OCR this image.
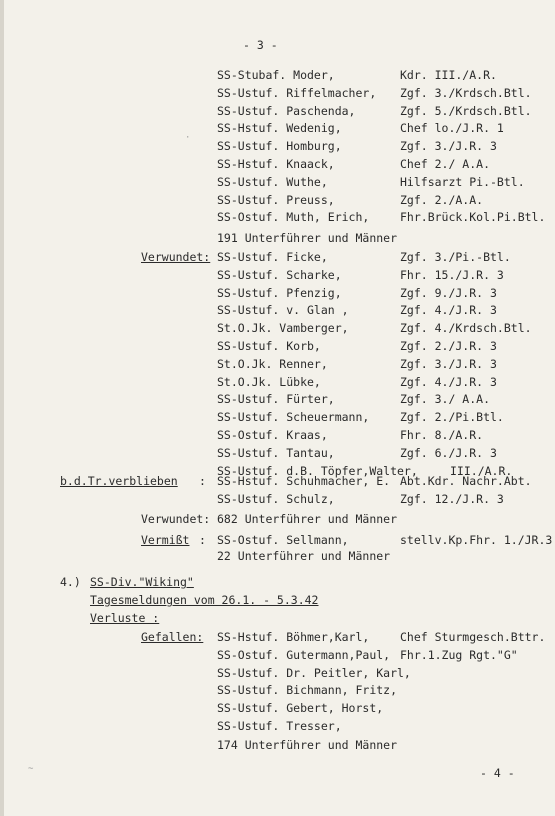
- 3 -
SS-Stubaf. Moder,	Kdr. III./A.R.
SS-Ustuf. Riffelmacher, Zgf. 3./Krdsch.Btl.
SS-Ustuf. Paschenda,	Zgf. 5./Krdsch.Btl.
SS-Hstuf. Wedenig,	Chef lo./J.R. 1
SS-Ustuf. Homburg,	Zgf. 3./J.R. 3
SS-Hstuf. Knaack,	Chef 2./ A.A.
SS-Ustuf. Wuthe,	Hilfsarzt Pi.-Btl.
SS-Ustuf. Preuss,	Zgf. 2./A.A.
SS-Ostuf. Muth, Erich,	Fhr.Brück.Kol.Pi.Btl.
191 Unterführer und Männer
Verwundet: SS-Ustuf. Ficke,	Zgf. 3./Pi.-Btl.
SS-Ustuf. Scharke,	Fhr. 15./J.R. 3
SS-Ustuf. Pfenzig,	Zgf. 9./J.R. 3
SS-Ustuf. v. Glan ,	Zgf. 4./J.R. 3
St.O.Jk. Vamberger,	Zgf. 4./Krdsch.Btl.
SS-Ustuf. Korb,	Zgf. 2./J.R. 3
St.O.Jk. Renner,	Zgf. 3./J.R. 3
St.O.Jk. Lübke,	Zgf. 4./J.R. 3
SS-Ustuf. Fürter,	Zgf. 3./ A.A.
SS-Ustuf. Scheuermann,	Zgf. 2./Pi.Btl.
SS-Ostuf. Kraas,	Fhr. 8./A.R.
SS-Ustuf. Tantau,	Zgf. 6./J.R. 3
SS-Ustuf. d.B. Töpfer,Walter,	III./A.R.
b.d.Tr.verblieben : SS-Hstuf. Schuhmacher, E. Abt.Kdr. Nachr.Abt.
SS-Ustuf. Schulz,	Zgf. 12./J.R. 3
Verwundet: 682 Unterführer und Männer
Vermißt : SS-Ostuf. Sellmann,	stellv.Kp.Fhr. 1./JR.3
22 Unterführer und Männer
4.) SS-Div."Wiking"
Tagesmeldungen vom 26.1. - 5.3.42
Verluste :
Gefallen: SS-Hstuf. Böhmer,Karl,	Chef Sturmgesch.Bttr.
SS-Ostuf. Gutermann,Paul, Fhr.1.Zug Rgt."G"
SS-Ustuf. Dr. Peitler, Karl,
SS-Ustuf. Bichmann, Fritz,
SS-Ustuf. Gebert, Horst,
SS-Ustuf. Tresser,
174 Unterführer und Männer
- 4 -
·
~
